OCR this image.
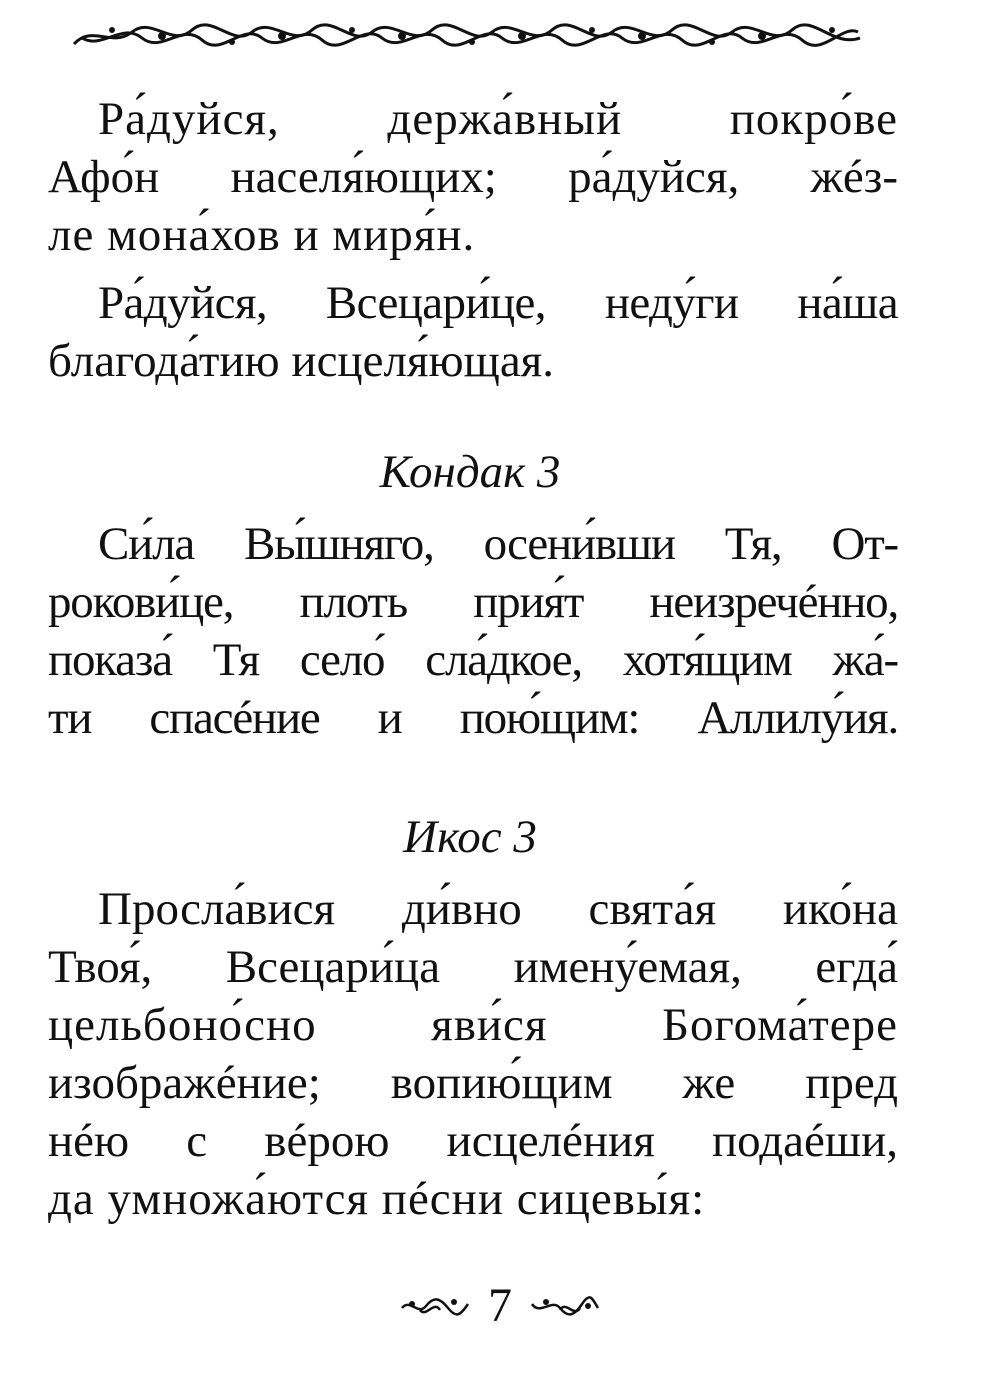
Ра́дуйся, держа́вный покро́ве
Афо́н населя́ющих; ра́дуйся, жéз-
ле мона́хов и миря́н.
Ра́дуйся, Всецари́це, неду́ги на́ша
благода́тию исцеля́ющая.
Кондак 3
Си́ла Вы́шняго, осени́вши Тя, От-
рокови́це, плоть прия́т неизречéнно,
показа́ Тя село́ сла́дкое, хотя́щим жа́-
ти спасéние и пою́щим: Аллилу́ия.
Икос 3
Просла́вися ди́вно свята́я ико́на
Твоя́, Всецари́ца имену́емая, егда́
цельбоно́сно яви́ся Богома́тере
изображéние; вопию́щим же пред
нéю с вéрою исцелéния подаéши,
да умножа́ются пéсни сицевы́я:
7
